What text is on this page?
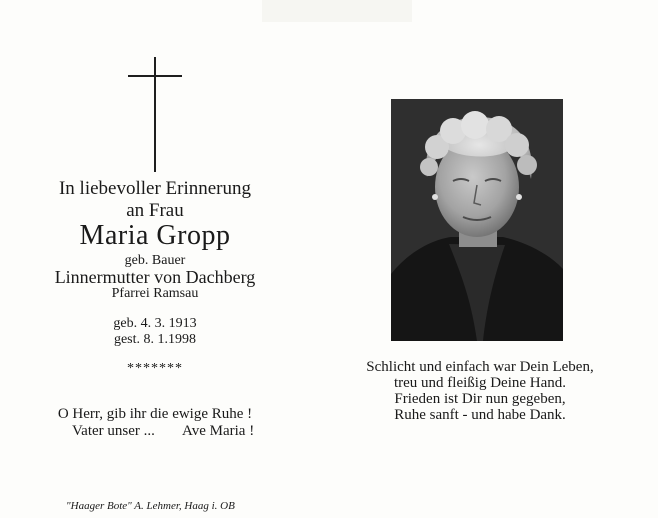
In liebevoller Erinnerung
an Frau
Maria Gropp
geb. Bauer
Linnermutter von Dachberg
Pfarrei Ramsau
geb. 4. 3. 1913
gest. 8. 1.1998
*******
O Herr, gib ihr die ewige Ruhe !
Vater unser ... Ave Maria !
"Haager Bote" A. Lehmer, Haag i. OB
Schlicht und einfach war Dein Leben,
treu und fleißig Deine Hand.
Frieden ist Dir nun gegeben,
Ruhe sanft - und habe Dank.
